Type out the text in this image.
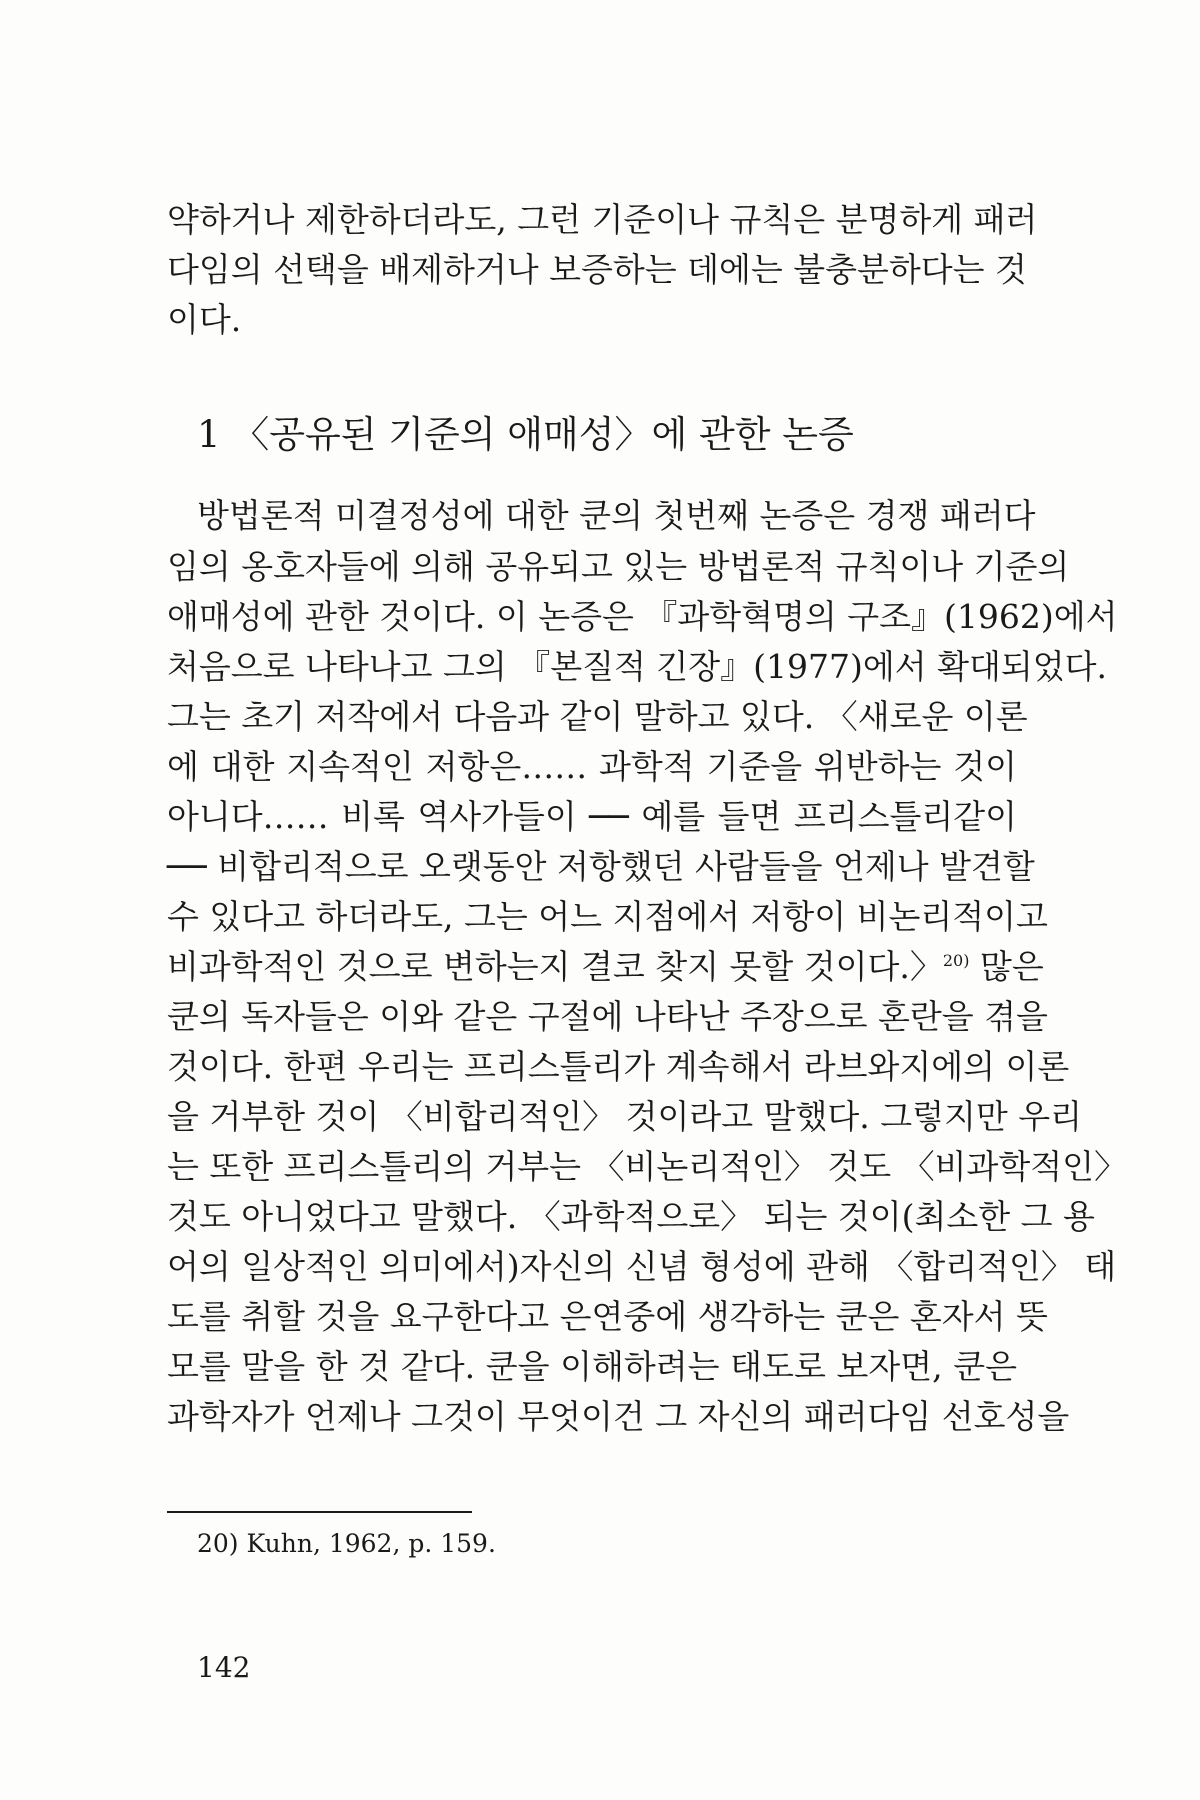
약하거나 제한하더라도, 그런 기준이나 규칙은 분명하게 패러

다임의 선택을 배제하거나 보증하는 데에는 불충분하다는 것

이다.

1 〈공유된 기준의 애매성〉에 관한 논증

방법론적 미결정성에 대한 쿤의 첫번째 논증은 경쟁 패러다

임의 옹호자들에 의해 공유되고 있는 방법론적 규칙이나 기준의

애매성에 관한 것이다. 이 논증은 『과학혁명의 구조』(1962)에서

처음으로 나타나고 그의 『본질적 긴장』(1977)에서 확대되었다.

그는 초기 저작에서 다음과 같이 말하고 있다. 〈새로운 이론

에 대한 지속적인 저항은…… 과학적 기준을 위반하는 것이

아니다…… 비록 역사가들이 ── 예를 들면 프리스틀리같이

── 비합리적으로 오랫동안 저항했던 사람들을 언제나 발견할

수 있다고 하더라도, 그는 어느 지점에서 저항이 비논리적이고

비과학적인 것으로 변하는지 결코 찾지 못할 것이다.〉$^{20)}$ 많은

쿤의 독자들은 이와 같은 구절에 나타난 주장으로 혼란을 겪을

것이다. 한편 우리는 프리스틀리가 계속해서 라브와지에의 이론

을 거부한 것이 〈비합리적인〉 것이라고 말했다. 그렇지만 우리

는 또한 프리스틀리의 거부는 〈비논리적인〉 것도 〈비과학적인〉

것도 아니었다고 말했다. 〈과학적으로〉 되는 것이(최소한 그 용

어의 일상적인 의미에서)자신의 신념 형성에 관해 〈합리적인〉 태

도를 취할 것을 요구한다고 은연중에 생각하는 쿤은 혼자서 뜻

모를 말을 한 것 같다. 쿤을 이해하려는 태도로 보자면, 쿤은

과학자가 언제나 그것이 무엇이건 그 자신의 패러다임 선호성을

20) Kuhn, 1962, p. 159.

142
